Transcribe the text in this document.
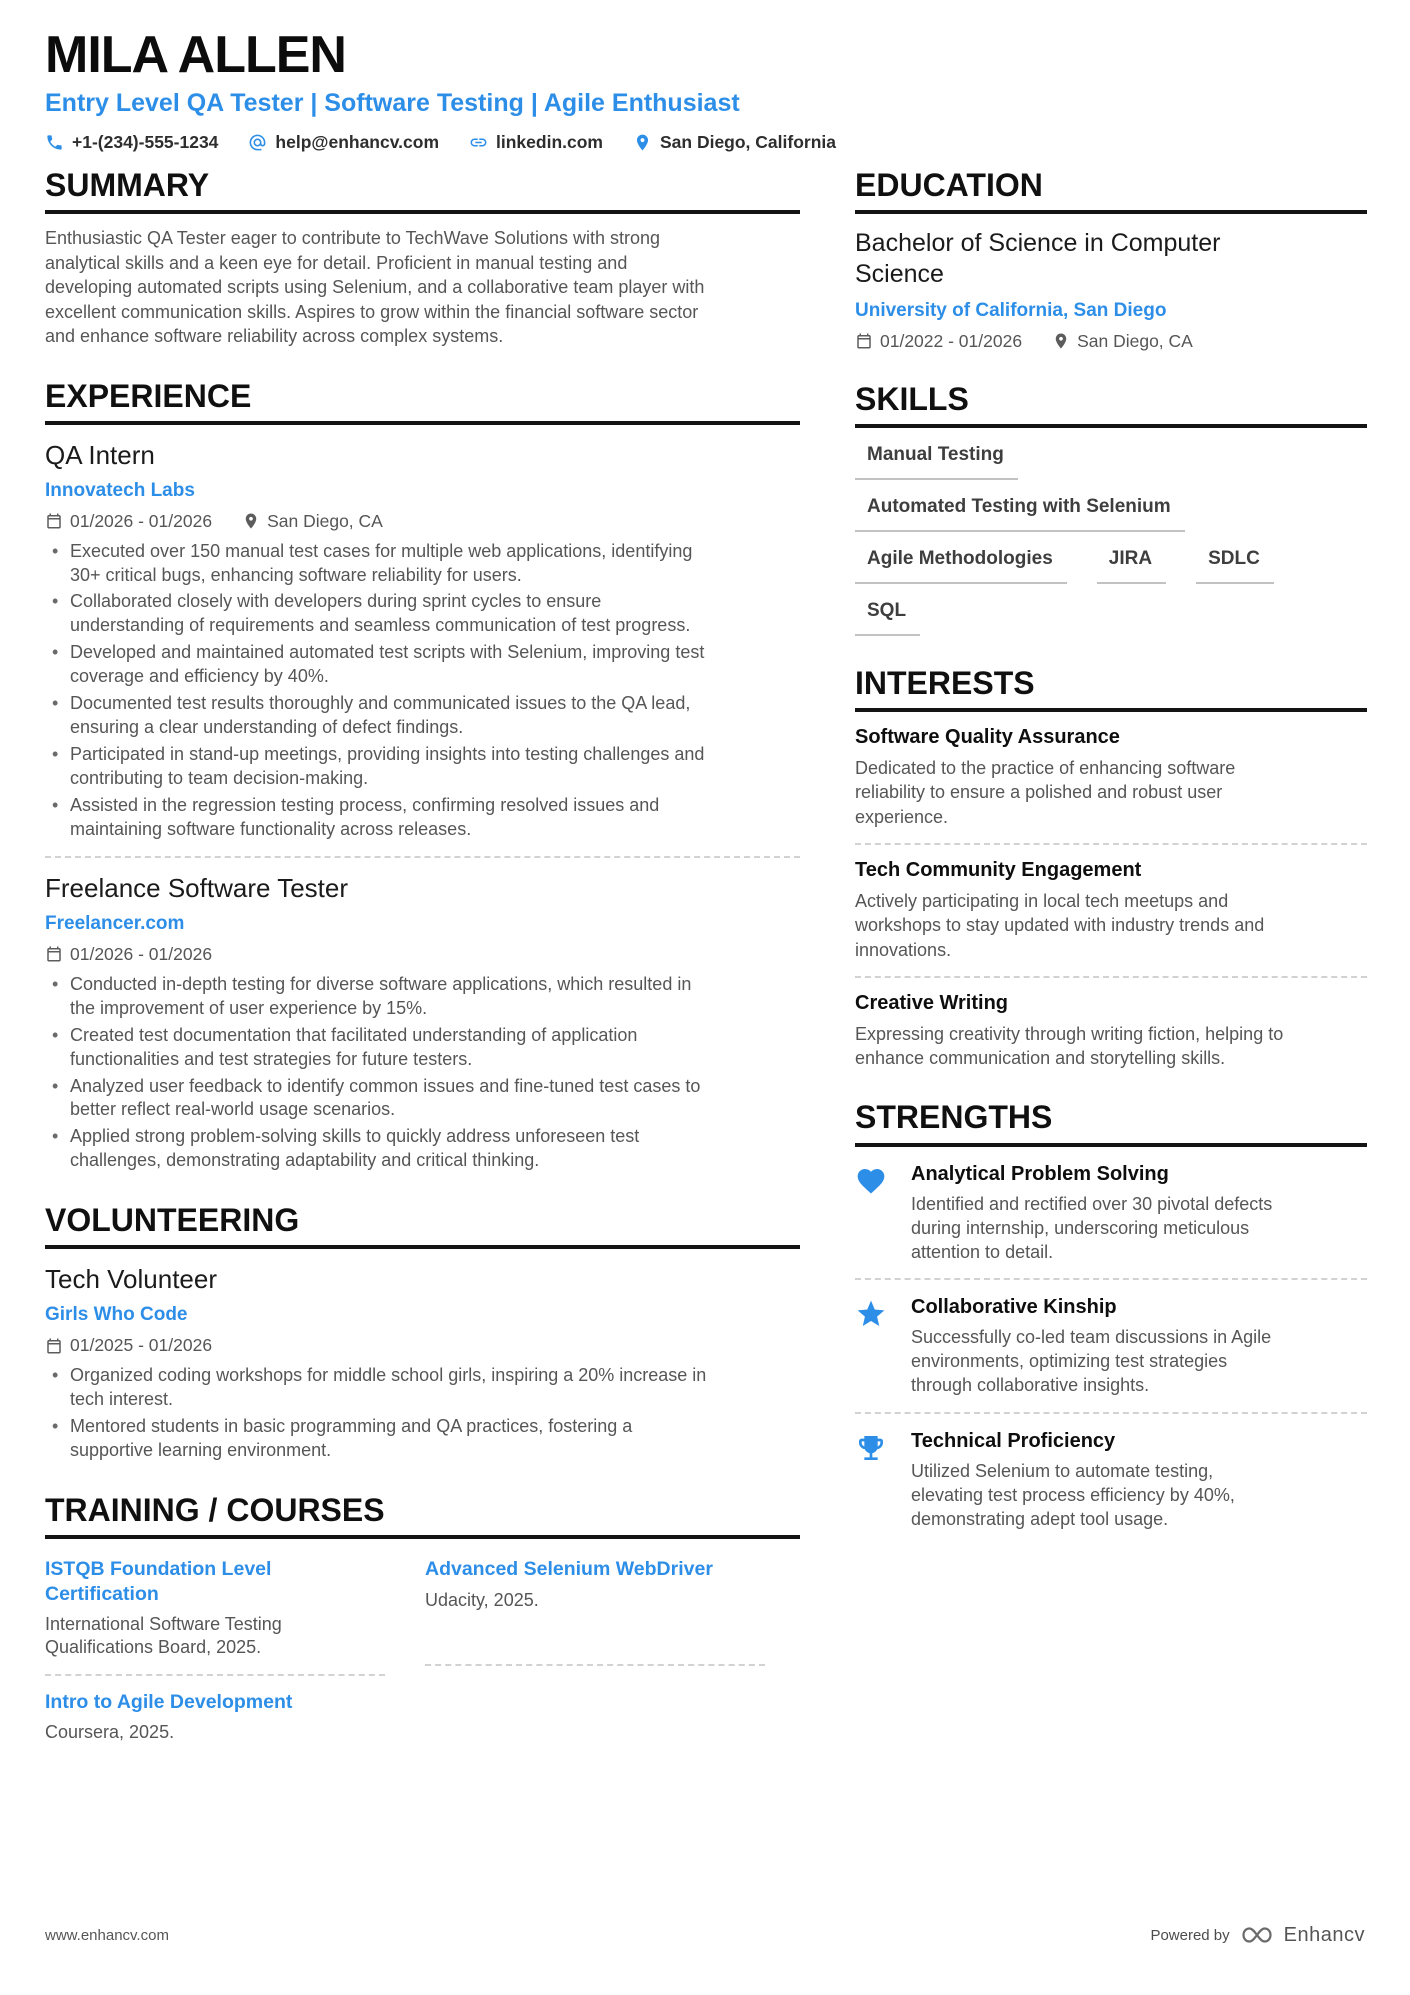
MILA ALLEN
Entry Level QA Tester | Software Testing | Agile Enthusiast
+1-(234)-555-1234	help@enhancv.com	linkedin.com	San Diego, California
SUMMARY
Enthusiastic QA Tester eager to contribute to TechWave Solutions with strong analytical skills and a keen eye for detail. Proficient in manual testing and developing automated scripts using Selenium, and a collaborative team player with excellent communication skills. Aspires to grow within the financial software sector and enhance software reliability across complex systems.
EXPERIENCE
QA Intern
Innovatech Labs
01/2026 - 01/2026	San Diego, CA
• Executed over 150 manual test cases for multiple web applications, identifying 30+ critical bugs, enhancing software reliability for users.
• Collaborated closely with developers during sprint cycles to ensure understanding of requirements and seamless communication of test progress.
• Developed and maintained automated test scripts with Selenium, improving test coverage and efficiency by 40%.
• Documented test results thoroughly and communicated issues to the QA lead, ensuring a clear understanding of defect findings.
• Participated in stand-up meetings, providing insights into testing challenges and contributing to team decision-making.
• Assisted in the regression testing process, confirming resolved issues and maintaining software functionality across releases.
Freelance Software Tester
Freelancer.com
01/2026 - 01/2026
• Conducted in-depth testing for diverse software applications, which resulted in the improvement of user experience by 15%.
• Created test documentation that facilitated understanding of application functionalities and test strategies for future testers.
• Analyzed user feedback to identify common issues and fine-tuned test cases to better reflect real-world usage scenarios.
• Applied strong problem-solving skills to quickly address unforeseen test challenges, demonstrating adaptability and critical thinking.
VOLUNTEERING
Tech Volunteer
Girls Who Code
01/2025 - 01/2026
• Organized coding workshops for middle school girls, inspiring a 20% increase in tech interest.
• Mentored students in basic programming and QA practices, fostering a supportive learning environment.
TRAINING / COURSES
ISTQB Foundation Level Certification
International Software Testing Qualifications Board, 2025.
Intro to Agile Development
Coursera, 2025.
Advanced Selenium WebDriver
Udacity, 2025.
EDUCATION
Bachelor of Science in Computer Science
University of California, San Diego
01/2022 - 01/2026	San Diego, CA
SKILLS
Manual Testing
Automated Testing with Selenium
Agile Methodologies	JIRA	SDLC
SQL
INTERESTS
Software Quality Assurance
Dedicated to the practice of enhancing software reliability to ensure a polished and robust user experience.
Tech Community Engagement
Actively participating in local tech meetups and workshops to stay updated with industry trends and innovations.
Creative Writing
Expressing creativity through writing fiction, helping to enhance communication and storytelling skills.
STRENGTHS
Analytical Problem Solving
Identified and rectified over 30 pivotal defects during internship, underscoring meticulous attention to detail.
Collaborative Kinship
Successfully co-led team discussions in Agile environments, optimizing test strategies through collaborative insights.
Technical Proficiency
Utilized Selenium to automate testing, elevating test process efficiency by 40%, demonstrating adept tool usage.
www.enhancv.com	Powered by	Enhancv
